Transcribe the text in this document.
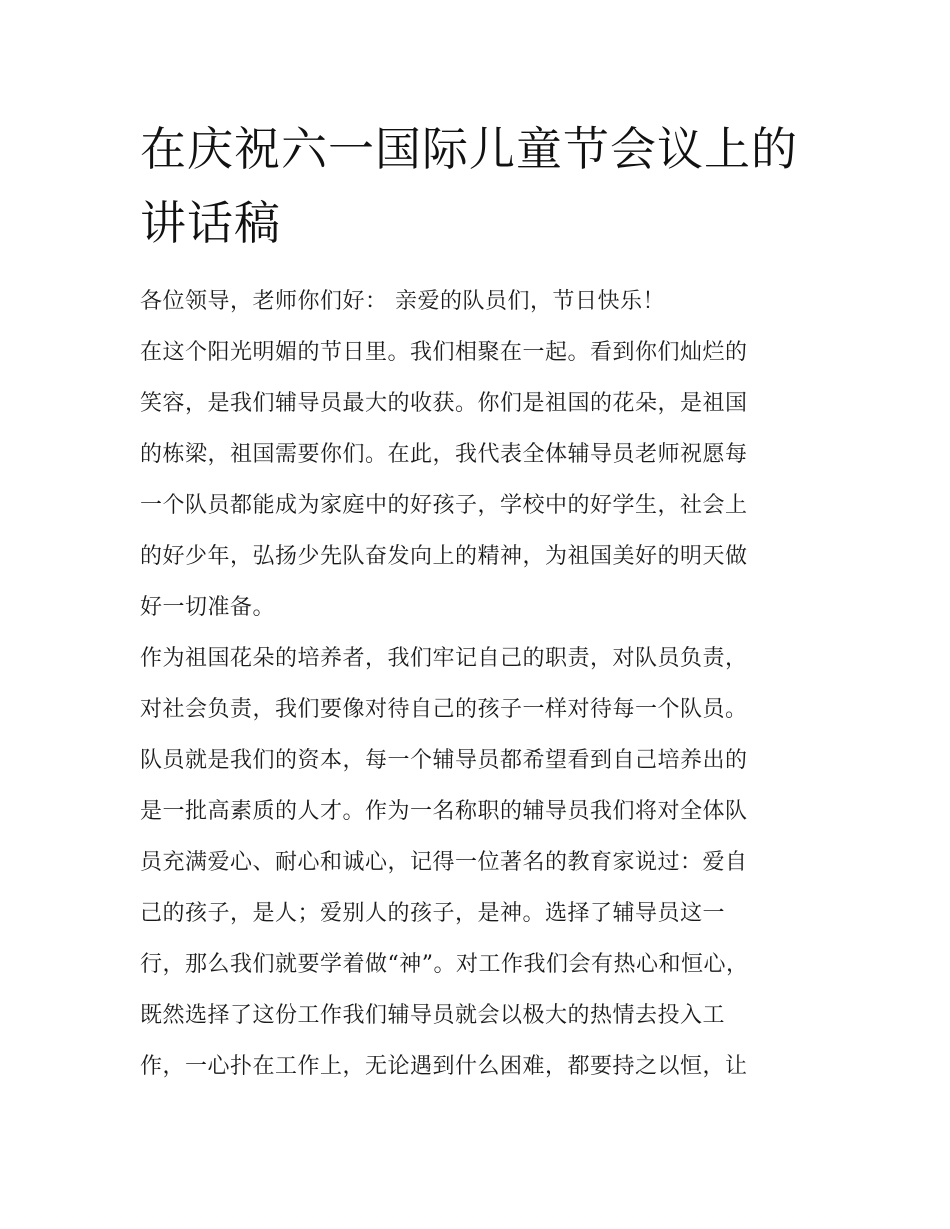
在庆祝六一国际儿童节会议上的讲话稿
各位领导，老师你们好： 亲爱的队员们，节日快乐！
在这个阳光明媚的节日里。我们相聚在一起。看到你们灿烂的
笑容，是我们辅导员最大的收获。你们是祖国的花朵，是祖国
的栋梁，祖国需要你们。在此，我代表全体辅导员老师祝愿每
一个队员都能成为家庭中的好孩子，学校中的好学生，社会上
的好少年，弘扬少先队奋发向上的精神，为祖国美好的明天做
好一切准备。
作为祖国花朵的培养者，我们牢记自己的职责，对队员负责，
对社会负责，我们要像对待自己的孩子一样对待每一个队员。
队员就是我们的资本，每一个辅导员都希望看到自己培养出的
是一批高素质的人才。作为一名称职的辅导员我们将对全体队
员充满爱心、耐心和诚心，记得一位著名的教育家说过：爱自
己的孩子，是人；爱别人的孩子，是神。选择了辅导员这一
行，那么我们就要学着做“神”。对工作我们会有热心和恒心，
既然选择了这份工作我们辅导员就会以极大的热情去投入工
作，一心扑在工作上，无论遇到什么困难，都要持之以恒，让
